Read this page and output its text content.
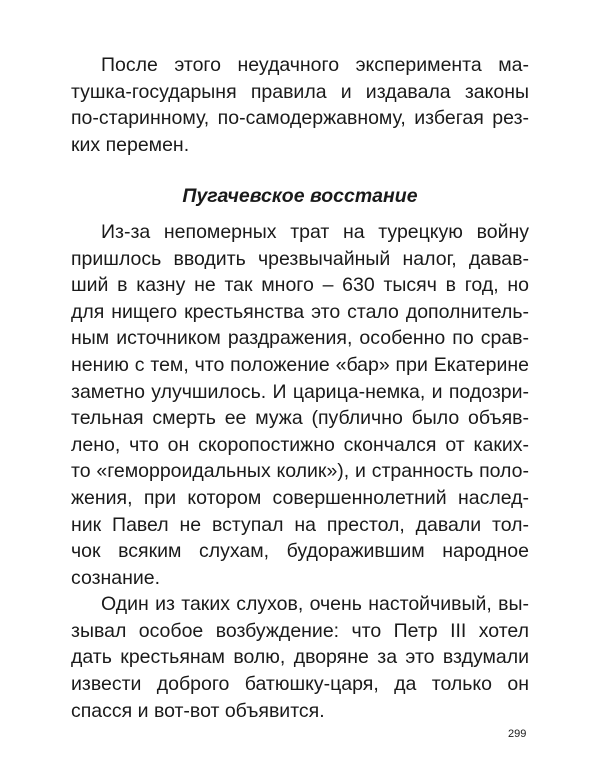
После этого неудачного эксперимента ма-
тушка-государыня правила и издавала законы
по-старинному, по-самодержавному, избегая рез-
ких перемен.
Пугачевское восстание
Из-за непомерных трат на турецкую войну
пришлось вводить чрезвычайный налог, давав-
ший в казну не так много – 630 тысяч в год, но
для нищего крестьянства это стало дополнитель-
ным источником раздражения, особенно по срав-
нению с тем, что положение «бар» при Екатерине
заметно улучшилось. И царица-немка, и подозри-
тельная смерть ее мужа (публично было объяв-
лено, что он скоропостижно скончался от каких-
то «геморроидальных колик»), и странность поло-
жения, при котором совершеннолетний наслед-
ник Павел не вступал на престол, давали тол-
чок всяким слухам, будоражившим народное
сознание.
Один из таких слухов, очень настойчивый, вы-
зывал особое возбуждение: что Петр III хотел
дать крестьянам волю, дворяне за это вздумали
извести доброго батюшку-царя, да только он
спасся и вот-вот объявится.
299
